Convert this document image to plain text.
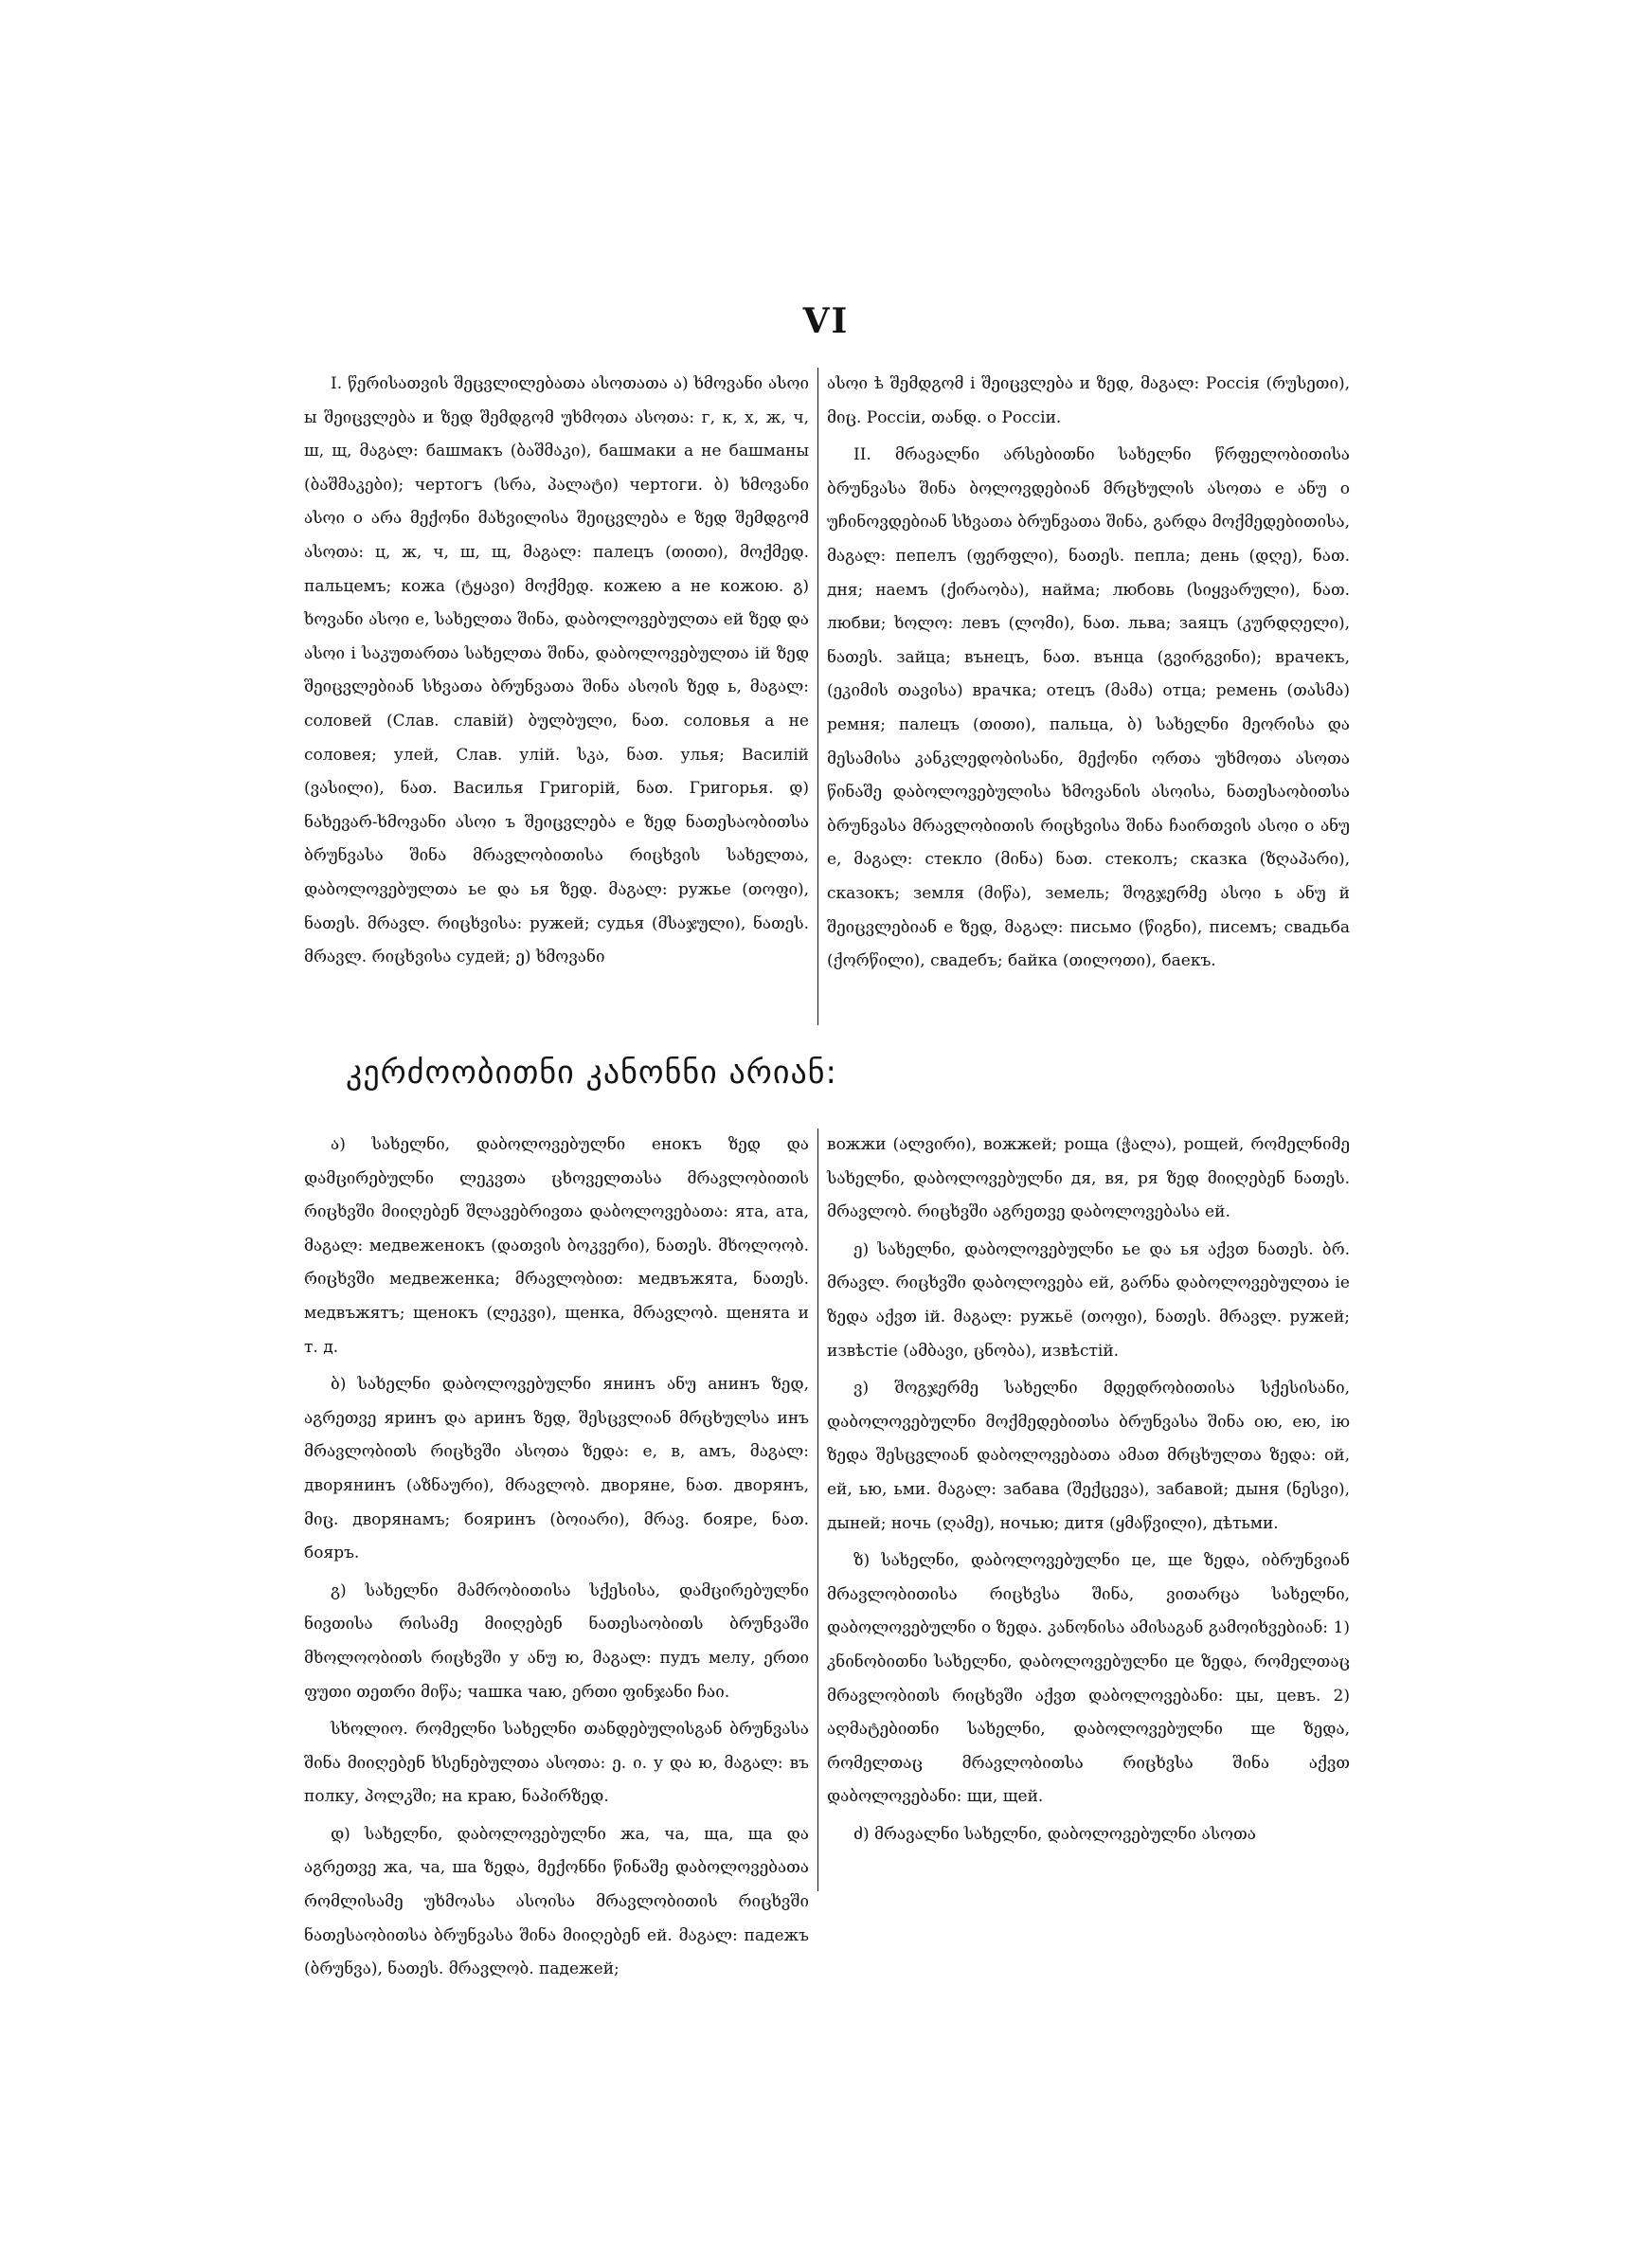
VI

I. წერისათვის შეცვლილებათა ასოთათა ა) ხმოვანი ასოი ы შეიცვლება и ზედ შემდგომ უხმოთა ასოთა: г, к, х, ж, ч, ш, щ, მაგალ: башмакъ (ბაშმაკი), башмаки а не башманы (ბაშმაკები); чертогъ (სრა, პალატი) чертоги. ბ) ხმოვანი ასოი о არა მექონი მახვილისა შეიცვლება е ზედ შემდგომ ასოთა: ц, ж, ч, ш, щ, მაგალ: палецъ (თითი), მოქმედ. пальцемъ; кожа (ტყავი) მოქმედ. кожею а не кожою. გ) ხოვანი ასოი е, სახელთა შინა, დაბოლოვებულთა ей ზედ და ასოი i საკუთართა სახელთა შინა, დაბოლოვებულთა iй ზედ შეიცვლებიან სხვათა ბრუნვათა შინა ასოის ზედ ь, მაგალ: соловей (Слав. славій) ბულბული, ნათ. соловья а не соловея; улей, Слав. улій. სკა, ნათ. улья; Василій (ვასილი), ნათ. Василья Григорій, ნათ. Григорья. დ) ნახევარ-ხმოვანი ასოი ъ შეიცვლება е ზედ ნათესაობითსა ბრუნვასა შინა მრავლობითისა რიცხვის სახელთა, დაბოლოვებულთა ье და ья ზედ. მაგალ: ружье (თოფი), ნათეს. მრავლ. რიცხვისა: ружей; судья (მსაჯული), ნათეს. მრავლ. რიცხვისა судей; ე) ხმოვანი

ასოი ѣ შემდგომ i შეიცვლება и ზედ, მაგალ: Россія (რუსეთი), მიც. Россіи, თანდ. о Россіи.

II. მრავალნი არსებითნი სახელნი წრფელობითისა ბრუნვასა შინა ბოლოვდებიან მრცხულის ასოთა е ანუ о უჩინოვდებიან სხვათა ბრუნვათა შინა, გარდა მოქმედებითისა, მაგალ: пепелъ (ფერფლი), ნათეს. пепла; день (დღე), ნათ. дня; наемъ (ქირაობა), найма; любовь (სიყვარული), ნათ. любви; ხოლო: левъ (ლომი), ნათ. льва; заяцъ (კურდღელი), ნათეს. зайца; вънецъ, ნათ. вънца (გვირგვინი); врачекъ, (ეკიმის თავისა) врачка; отецъ (მამა) отца; ремень (თასმა) ремня; палецъ (თითი), пальца, ბ) სახელნი მეორისა და მესამისა კანკლედობისანი, მექონი ორთა უხმოთა ასოთა წინაშე დაბოლოვებულისა ხმოვანის ასოისა, ნათესაობითსა ბრუნვასა მრავლობითის რიცხვისა შინა ჩაირთვის ასოი о ანუ е, მაგალ: стекло (მინა) ნათ. стеколъ; сказка (ზღაპარი), сказокъ; земля (მიწა), земель; შოგჯერმე ასოი ь ანუ й შეიცვლებიან е ზედ, მაგალ: письмо (წიგნი), писемъ; свадьба (ქორწილი), свадебъ; байка (თილოთი), баекъ.

კერძოობითნი კანონნი არიან:

ა) სახელნი, დაბოლოვებულნი енокъ ზედ და დამცირებულნი ლეკვთა ცხოველთასა მრავლობითის რიცხვში მიიღებენ შლავებრივთა დაბოლოვებათა: ята, ата, მაგალ: медвеженокъ (დათვის ბოკვერი), ნათეს. მხოლოობ. რიცხვში медвеженка; მრავლობით: медвъжята, ნათეს. медвъжятъ; щенокъ (ლეკვი), щенка, მრავლობ. щенята и т. д.

ბ) სახელნი დაბოლოვებულნი янинъ ანუ анинъ ზედ, აგრეთვე яринъ და аринъ ზედ, შესცვლიან მრცხულსა инъ მრავლობითს რიცხვში ასოთა ზედა: е, в, амъ, მაგალ: дворянинъ (აზნაური), მრავლობ. дворяне, ნათ. дворянъ, მიც. дворянамъ; бояринъ (ბოიარი), მრავ. бояре, ნათ. бояръ.

გ) სახელნი მამრობითისა სქესისა, დამცირებულნი ნივთისა რისამე მიიღებენ ნათესაობითს ბრუნვაში მხოლოობითს რიცხვში у ანუ ю, მაგალ: пудъ мелу, ერთი ფუთი თეთრი მიწა; чашка чаю, ერთი ფინჯანი ჩაი.

სხოლიო. რომელნი სახელნი თანდებულისგან ბრუნვასა შინა მიიღებენ ხსენებულთა ასოთა: ე. ი. у და ю, მაგალ: въ полку, პოლკში; на краю, ნაპირზედ.

დ) სახელნი, დაბოლოვებულნი жа, ча, ща, ща და აგრეთვე жа, ча, ша ზედა, მექონნი წინაშე დაბოლოვებათა რომლისამე უხმოასა ასოისა მრავლობითის რიცხვში ნათესაობითსა ბრუნვასა შინა მიიღებენ ей. მაგალ: падежъ (ბრუნვა), ნათეს. მრავლობ. падежей;

вожжи (ალვირი), вожжей; роща (ჭალა), рощей, რომელნიმე სახელნი, დაბოლოვებულნი дя, вя, ря ზედ მიიღებენ ნათეს. მრავლობ. რიცხვში აგრეთვე დაბოლოვებასა ей.

ე) სახელნი, დაბოლოვებულნი ье და ья აქვთ ნათეს. ბრ. მრავლ. რიცხვში დაბოლოვება ей, გარნა დაბოლოვებულთა ie ზედა აქვთ iй. მაგალ: ружьё (თოფი), ნათეს. მრავლ. ружей; извѣстіе (ამბავი, ცნობა), извѣстій.

ვ) შოგჯერმე სახელნი მდედრობითისა სქესისანი, დაბოლოვებულნი მოქმედებითსა ბრუნვასა შინა ою, ею, ію ზედა შესცვლიან დაბოლოვებათა ამათ მრცხულთა ზედა: ой, ей, ью, ьми. მაგალ: забава (შექცევა), забавой; дыня (ნესვი), дыней; ночь (ღამე), ночью; дитя (ყმაწვილი), дѣтьми.

ზ) სახელნი, დაბოლოვებულნი це, ще ზედა, იბრუნვიან მრავლობითისა რიცხვსა შინა, ვითარცა სახელნი, დაბოლოვებულნი о ზედა. კანონისა ამისაგან გამოიხვებიან: 1) კნინობითნი სახელნი, დაბოლოვებულნი це ზედა, რომელთაც მრავლობითს რიცხვში აქვთ დაბოლოვებანი: цы, цевъ. 2) აღმატებითნი სახელნი, დაბოლოვებულნი ще ზედა, რომელთაც მრავლობითსა რიცხვსა შინა აქვთ დაბოლოვებანი: щи, щей.

ძ) მრავალნი სახელნი, დაბოლოვებულნი ასოთა
